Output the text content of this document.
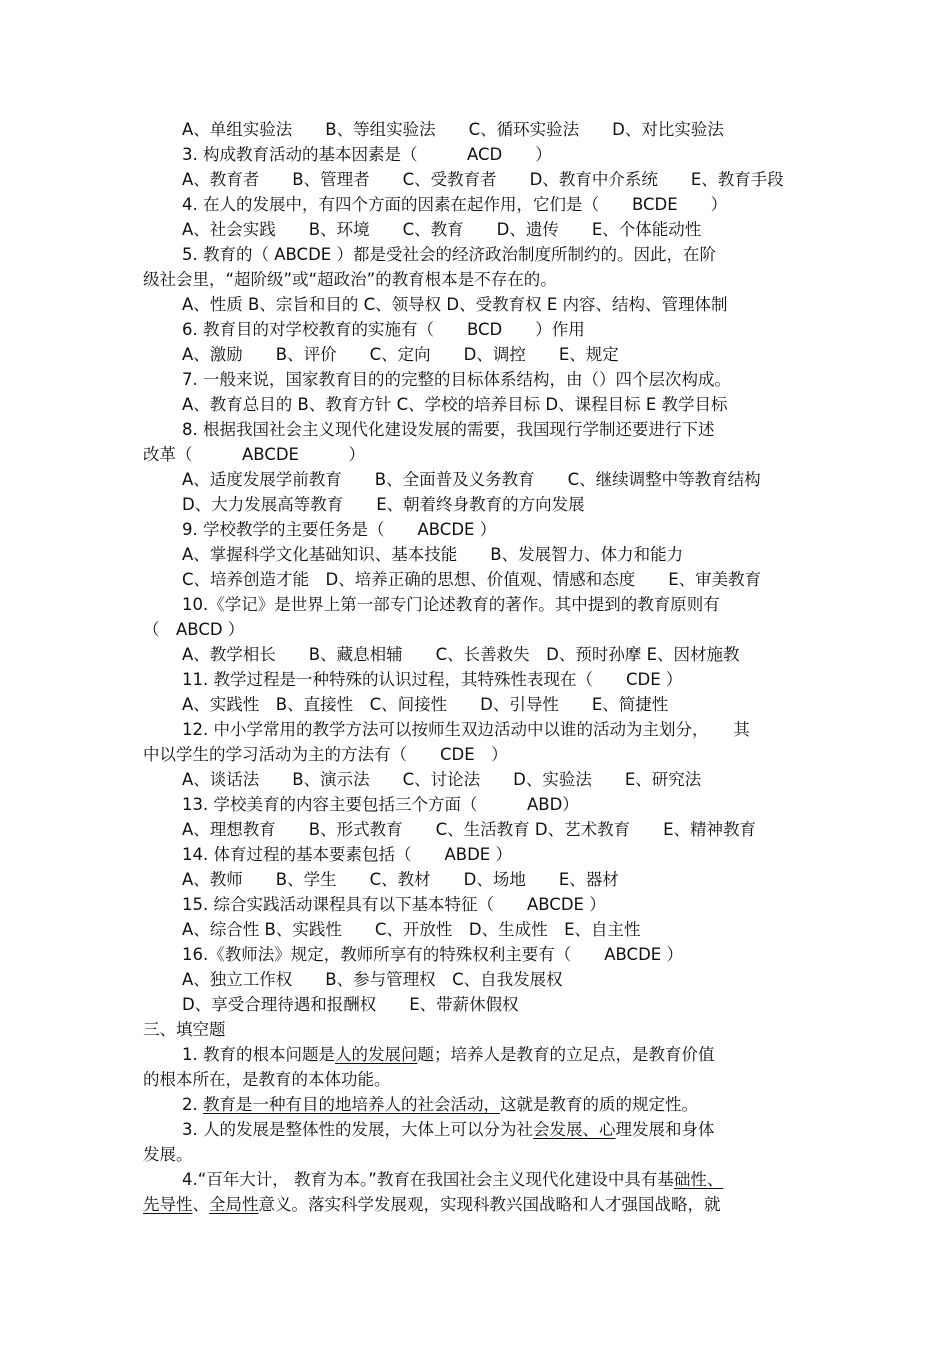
A、单组实验法　　B、等组实验法　　C、循环实验法　　D、对比实验法
3. 构成教育活动的基本因素是（　　　ACD　　）
A、教育者　　B、管理者　　C、受教育者　　D、教育中介系统　　E、教育手段
4. 在人的发展中，有四个方面的因素在起作用，它们是（　　BCDE　　）
A、社会实践　　B、环境　　C、教育　　D、遗传　　E、个体能动性
5. 教育的（ ABCDE ）都是受社会的经济政治制度所制约的。因此，在阶
级社会里，“超阶级”或“超政治”的教育根本是不存在的。
A、性质 B、宗旨和目的 C、领导权 D、受教育权 E 内容、结构、管理体制
6. 教育目的对学校教育的实施有（　　BCD　　）作用
A、激励　　B、评价　　C、定向　　D、调控　　E、规定
7. 一般来说，国家教育目的的完整的目标体系结构，由（）四个层次构成。
A、教育总目的 B、教育方针 C、学校的培养目标 D、课程目标 E 教学目标
8. 根据我国社会主义现代化建设发展的需要，我国现行学制还要进行下述
改革（　　　ABCDE　　　）
A、适度发展学前教育　　B、全面普及义务教育　　C、继续调整中等教育结构
D、大力发展高等教育　　E、朝着终身教育的方向发展
9. 学校教学的主要任务是（　　ABCDE ）
A、掌握科学文化基础知识、基本技能　　B、发展智力、体力和能力
C、培养创造才能　D、培养正确的思想、价值观、情感和态度　　E、审美教育
10.《学记》是世界上第一部专门论述教育的著作。其中提到的教育原则有
（　ABCD ）
A、教学相长　　B、藏息相辅　　C、长善救失　D、预时孙摩 E、因材施教
11. 教学过程是一种特殊的认识过程，其特殊性表现在（　　CDE ）
A、实践性　B、直接性　C、间接性　　D、引导性　　E、简捷性
12. 中小学常用的教学方法可以按师生双边活动中以谁的活动为主划分，　　其
中以学生的学习活动为主的方法有（　　CDE　）
A、谈话法　　B、演示法　　C、讨论法　　D、实验法　　E、研究法
13. 学校美育的内容主要包括三个方面（　　　ABD）
A、理想教育　　B、形式教育　　C、生活教育 D、艺术教育　　E、精神教育
14. 体育过程的基本要素包括（　　ABDE ）
A、教师　　B、学生　　C、教材　　D、场地　　E、器材
15. 综合实践活动课程具有以下基本特征（　　ABCDE ）
A、综合性 B、实践性　　C、开放性　D、生成性　E、自主性
16.《教师法》规定，教师所享有的特殊权利主要有（　　ABCDE ）
A、独立工作权　　B、参与管理权　C、自我发展权
D、享受合理待遇和报酬权　　E、带薪休假权
三、填空题
1. 教育的根本问题是人的发展问题；培养人是教育的立足点，是教育价值
的根本所在，是教育的本体功能。
2. 教育是一种有目的地培养人的社会活动，这就是教育的质的规定性。
3. 人的发展是整体性的发展，大体上可以分为社会发展、心理发展和身体
发展。
4.“百年大计， 教育为本。”教育在我国社会主义现代化建设中具有基础性、
先导性、全局性意义。落实科学发展观，实现科教兴国战略和人才强国战略，就
